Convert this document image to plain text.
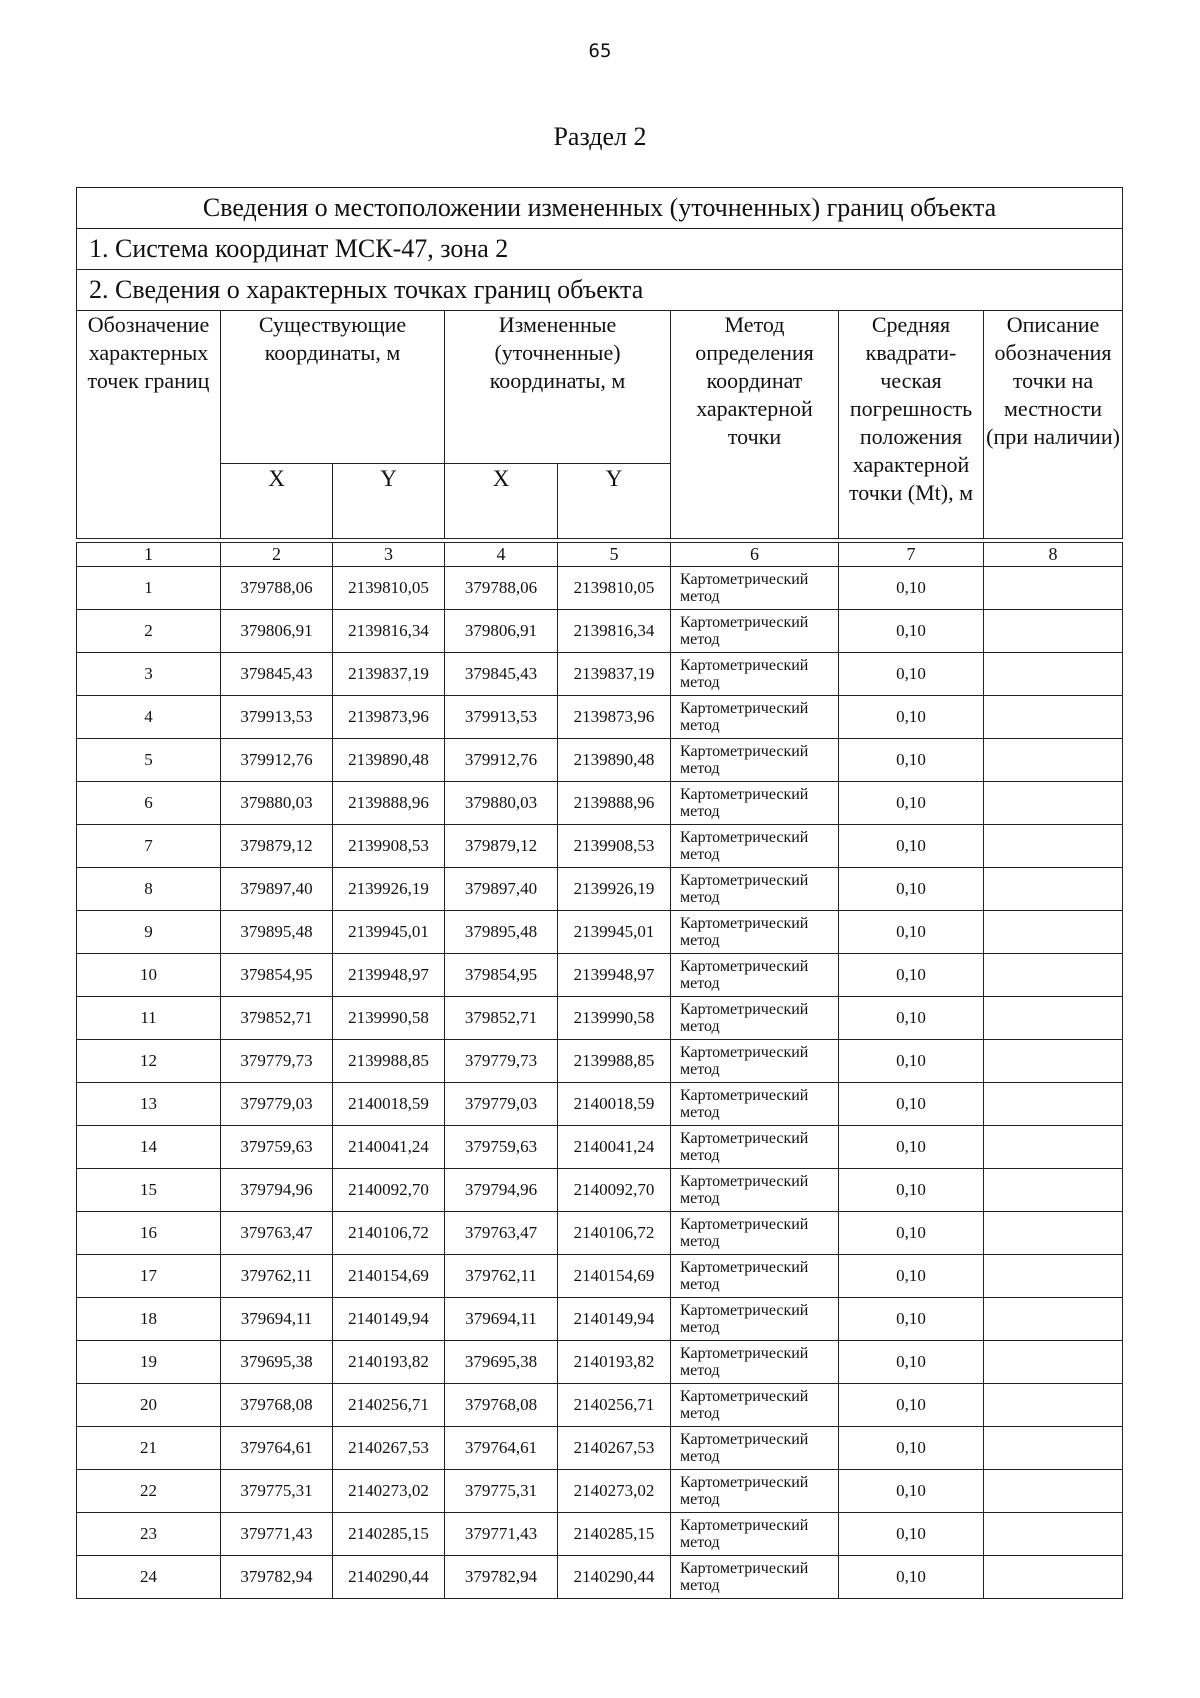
65
Раздел 2
Сведения о местоположении измененных (уточненных) границ объекта							
1. Система координат МСК-47, зона 2							
2. Сведения о характерных точках границ объекта							
Обозначение характерных точек границ	Существующие координаты, м		Измененные (уточненные) координаты, м		Метод определения координат характерной точки	Средняя квадрати-ческая погрешность положения характерной точки (Mt), м	Описание обозначения точки на местности (при наличии)
	X	Y	X	Y			
1	2	3	4	5	6	7	8
1	379788,06	2139810,05	379788,06	2139810,05	Картометрический метод	0,10	
2	379806,91	2139816,34	379806,91	2139816,34	Картометрический метод	0,10	
3	379845,43	2139837,19	379845,43	2139837,19	Картометрический метод	0,10	
4	379913,53	2139873,96	379913,53	2139873,96	Картометрический метод	0,10	
5	379912,76	2139890,48	379912,76	2139890,48	Картометрический метод	0,10	
6	379880,03	2139888,96	379880,03	2139888,96	Картометрический метод	0,10	
7	379879,12	2139908,53	379879,12	2139908,53	Картометрический метод	0,10	
8	379897,40	2139926,19	379897,40	2139926,19	Картометрический метод	0,10	
9	379895,48	2139945,01	379895,48	2139945,01	Картометрический метод	0,10	
10	379854,95	2139948,97	379854,95	2139948,97	Картометрический метод	0,10	
11	379852,71	2139990,58	379852,71	2139990,58	Картометрический метод	0,10	
12	379779,73	2139988,85	379779,73	2139988,85	Картометрический метод	0,10	
13	379779,03	2140018,59	379779,03	2140018,59	Картометрический метод	0,10	
14	379759,63	2140041,24	379759,63	2140041,24	Картометрический метод	0,10	
15	379794,96	2140092,70	379794,96	2140092,70	Картометрический метод	0,10	
16	379763,47	2140106,72	379763,47	2140106,72	Картометрический метод	0,10	
17	379762,11	2140154,69	379762,11	2140154,69	Картометрический метод	0,10	
18	379694,11	2140149,94	379694,11	2140149,94	Картометрический метод	0,10	
19	379695,38	2140193,82	379695,38	2140193,82	Картометрический метод	0,10	
20	379768,08	2140256,71	379768,08	2140256,71	Картометрический метод	0,10	
21	379764,61	2140267,53	379764,61	2140267,53	Картометрический метод	0,10	
22	379775,31	2140273,02	379775,31	2140273,02	Картометрический метод	0,10	
23	379771,43	2140285,15	379771,43	2140285,15	Картометрический метод	0,10	
24	379782,94	2140290,44	379782,94	2140290,44	Картометрический метод	0,10	
